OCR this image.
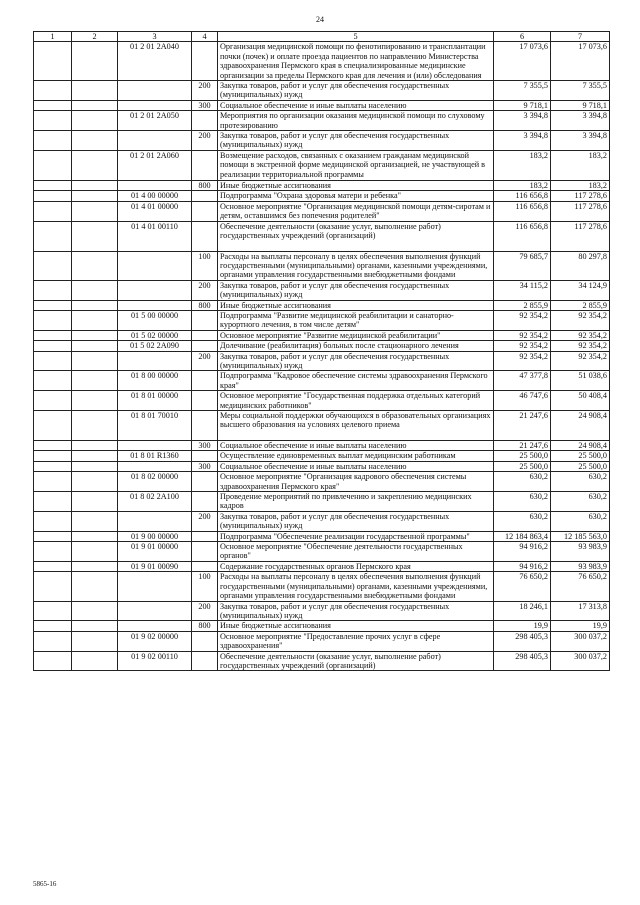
24
1	2	3	4	5	6	7
		01 2 01 2A040		Организация медицинской помощи по фенотипированию и трансплантации почки (почек) и оплате проезда пациентов по направлению Министерства здравоохранения Пермского края в специализированные медицинские организации за пределы Пермского края для лечения и (или) обследования	17 073,6	17 073,6
			200	Закупка товаров, работ и услуг для обеспечения государственных (муниципальных) нужд	7 355,5	7 355,5
			300	Социальное обеспечение и иные выплаты населению	9 718,1	9 718,1
		01 2 01 2A050		Мероприятия по организации оказания медицинской помощи по слуховому протезированию	3 394,8	3 394,8
			200	Закупка товаров, работ и услуг для обеспечения государственных (муниципальных) нужд	3 394,8	3 394,8
		01 2 01 2A060		Возмещение расходов, связанных с оказанием гражданам медицинской помощи в экстренной форме медицинской организацией, не участвующей в реализации территориальной программы	183,2	183,2
			800	Иные бюджетные ассигнования	183,2	183,2
		01 4 00 00000		Подпрограмма "Охрана здоровья матери и ребенка"	116 656,8	117 278,6
		01 4 01 00000		Основное мероприятие "Организация медицинской помощи детям-сиротам и детям, оставшимся без попечения родителей"	116 656,8	117 278,6
		01 4 01 00110		Обеспечение деятельности (оказание услуг, выполнение работ) государственных учреждений (организаций)	116 656,8	117 278,6
			100	Расходы на выплаты персоналу в целях обеспечения выполнения функций государственными (муниципальными) органами, казенными учреждениями, органами управления государственными внебюджетными фондами	79 685,7	80 297,8
			200	Закупка товаров, работ и услуг для обеспечения государственных (муниципальных) нужд	34 115,2	34 124,9
			800	Иные бюджетные ассигнования	2 855,9	2 855,9
		01 5 00 00000		Подпрограмма "Развитие медицинской реабилитации и санаторно-курортного лечения, в том числе детям"	92 354,2	92 354,2
		01 5 02 00000		Основное мероприятие "Развитие медицинской реабилитации"	92 354,2	92 354,2
		01 5 02 2A090		Долечивание (реабилитация) больных после стационарного лечения	92 354,2	92 354,2
			200	Закупка товаров, работ и услуг для обеспечения государственных (муниципальных) нужд	92 354,2	92 354,2
		01 8 00 00000		Подпрограмма "Кадровое обеспечение системы здравоохранения Пермского края"	47 377,8	51 038,6
		01 8 01 00000		Основное мероприятие "Государственная поддержка отдельных категорий медицинских работников"	46 747,6	50 408,4
		01 8 01 70010		Меры социальной поддержки обучающихся в образовательных организациях высшего образования на условиях целевого приема	21 247,6	24 908,4
			300	Социальное обеспечение и иные выплаты населению	21 247,6	24 908,4
		01 8 01 R1360		Осуществление единовременных выплат медицинским работникам	25 500,0	25 500,0
			300	Социальное обеспечение и иные выплаты населению	25 500,0	25 500,0
		01 8 02 00000		Основное мероприятие "Организация кадрового обеспечения системы здравоохранения Пермского края"	630,2	630,2
		01 8 02 2A100		Проведение мероприятий по привлечению и закреплению медицинских кадров	630,2	630,2
			200	Закупка товаров, работ и услуг для обеспечения государственных (муниципальных) нужд	630,2	630,2
		01 9 00 00000		Подпрограмма "Обеспечение реализации государственной программы"	12 184 863,4	12 185 563,0
		01 9 01 00000		Основное мероприятие "Обеспечение деятельности государственных органов"	94 916,2	93 983,9
		01 9 01 00090		Содержание государственных органов Пермского края	94 916,2	93 983,9
			100	Расходы на выплаты персоналу в целях обеспечения выполнения функций государственными (муниципальными) органами, казенными учреждениями, органами управления государственными внебюджетными фондами	76 650,2	76 650,2
			200	Закупка товаров, работ и услуг для обеспечения государственных (муниципальных) нужд	18 246,1	17 313,8
			800	Иные бюджетные ассигнования	19,9	19,9
		01 9 02 00000		Основное мероприятие "Предоставление прочих услуг в сфере здравоохранения"	298 405,3	300 037,2
		01 9 02 00110		Обеспечение деятельности (оказание услуг, выполнение работ) государственных учреждений (организаций)	298 405,3	300 037,2
5865-16
